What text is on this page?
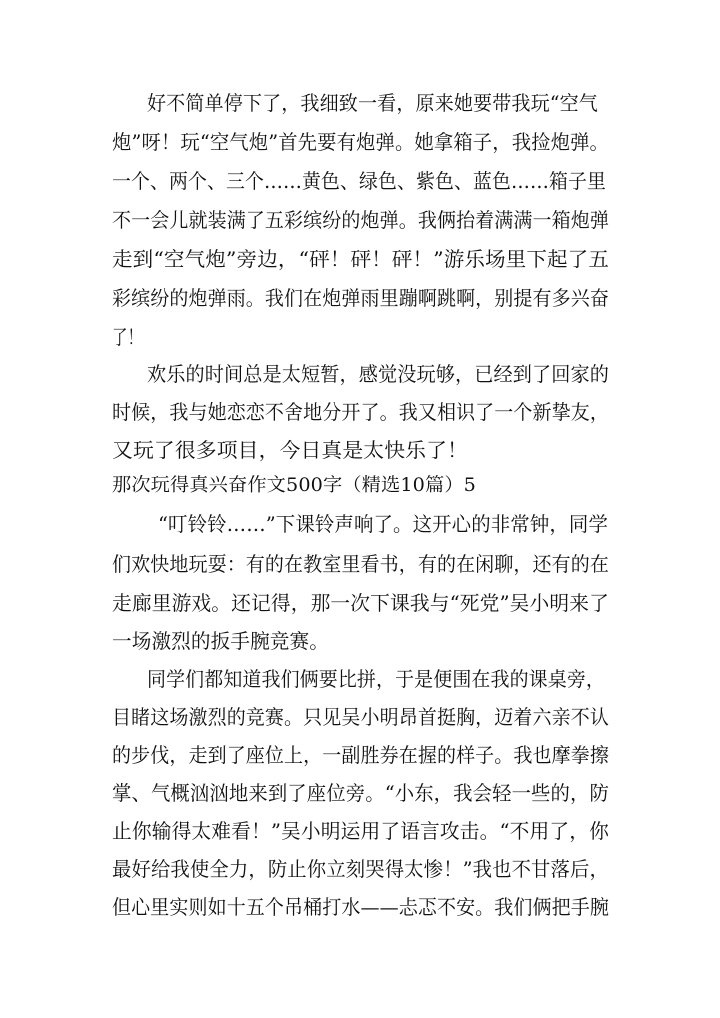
好不简单停下了，我细致一看，原来她要带我玩“空气
炮”呀！玩“空气炮”首先要有炮弹。她拿箱子，我捡炮弹。
一个、两个、三个……黄色、绿色、紫色、蓝色……箱子里
不一会儿就装满了五彩缤纷的炮弹。我俩抬着满满一箱炮弹
走到“空气炮”旁边，“砰！砰！砰！”游乐场里下起了五
彩缤纷的炮弹雨。我们在炮弹雨里蹦啊跳啊，别提有多兴奋
了！
欢乐的时间总是太短暂，感觉没玩够，已经到了回家的
时候，我与她恋恋不舍地分开了。我又相识了一个新挚友，
又玩了很多项目，今日真是太快乐了！
那次玩得真兴奋作文500字（精选10篇）5
“叮铃铃……”下课铃声响了。这开心的非常钟，同学
们欢快地玩耍：有的在教室里看书，有的在闲聊，还有的在
走廊里游戏。还记得，那一次下课我与“死党”吴小明来了
一场激烈的扳手腕竞赛。
同学们都知道我们俩要比拼，于是便围在我的课桌旁，
目睹这场激烈的竞赛。只见吴小明昂首挺胸，迈着六亲不认
的步伐，走到了座位上，一副胜券在握的样子。我也摩拳擦
掌、气概汹汹地来到了座位旁。“小东，我会轻一些的，防
止你输得太难看！”吴小明运用了语言攻击。“不用了，你
最好给我使全力，防止你立刻哭得太惨！”我也不甘落后，
但心里实则如十五个吊桶打水——忐忑不安。我们俩把手腕
